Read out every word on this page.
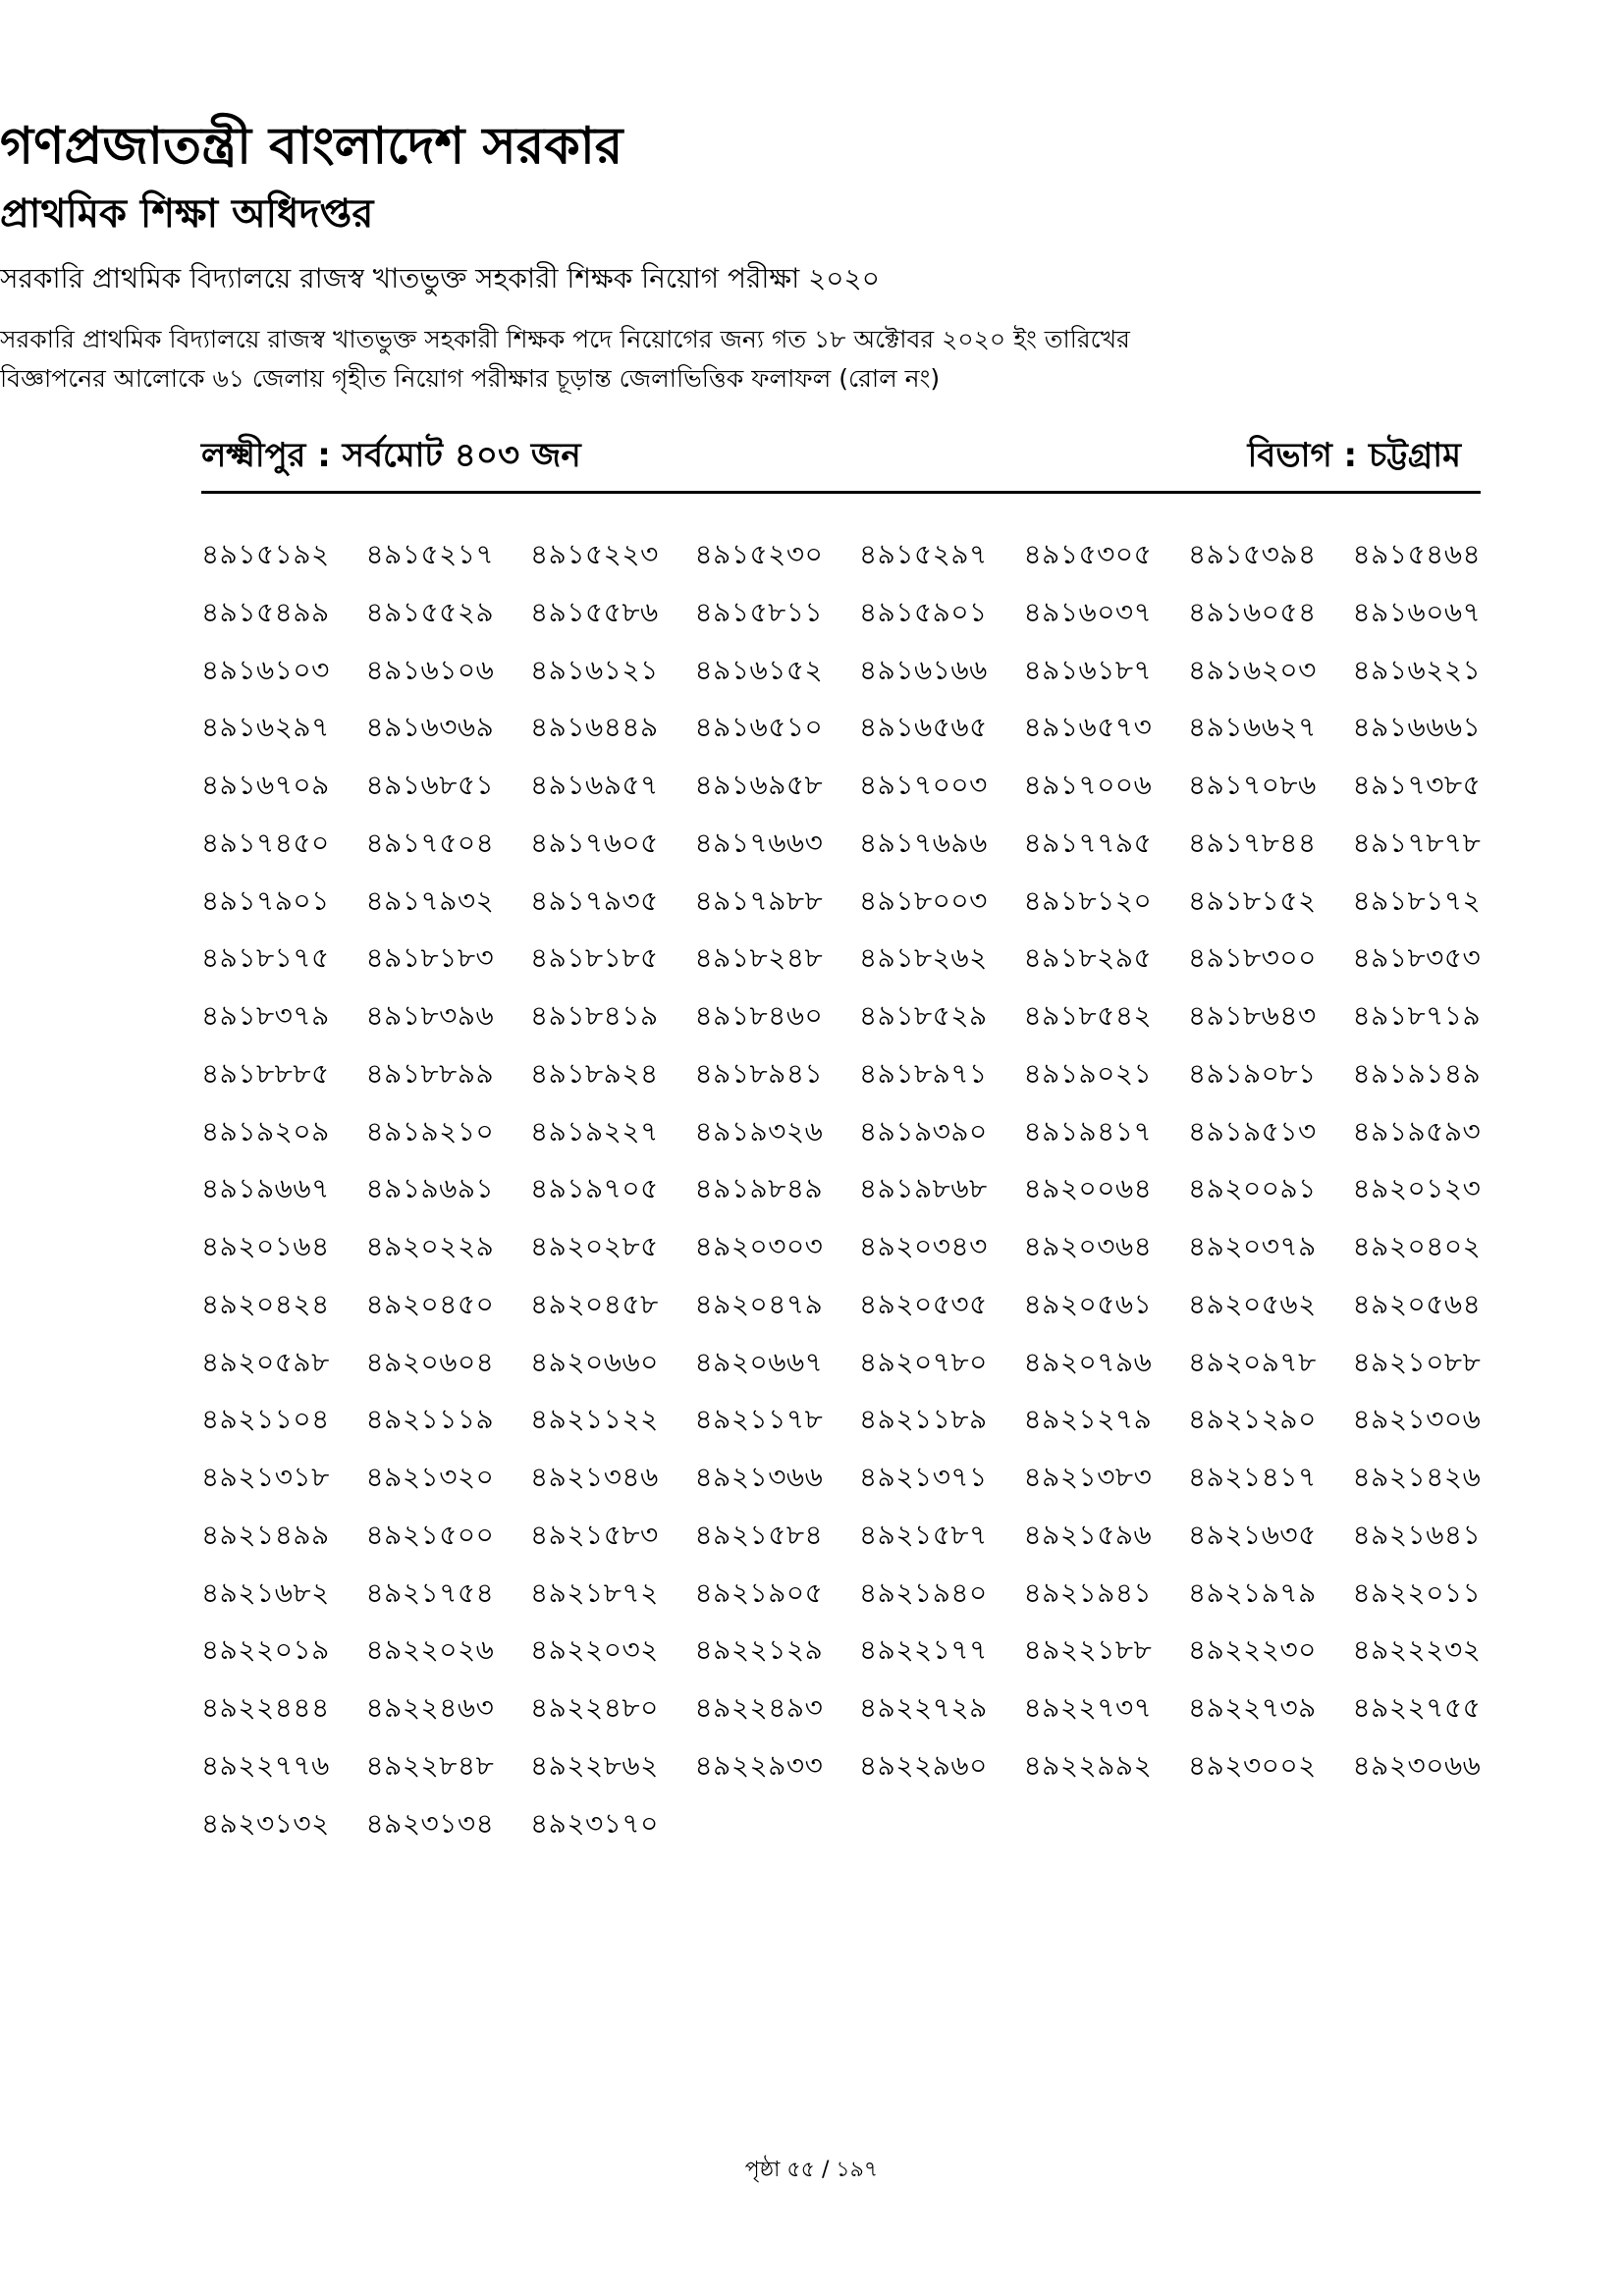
গণপ্রজাতন্ত্রী বাংলাদেশ সরকার
প্রাথমিক শিক্ষা অধিদপ্তর
সরকারি প্রাথমিক বিদ্যালয়ে রাজস্ব খাতভুক্ত সহকারী শিক্ষক নিয়োগ পরীক্ষা ২০২০
সরকারি প্রাথমিক বিদ্যালয়ে রাজস্ব খাতভুক্ত সহকারী শিক্ষক পদে নিয়োগের জন্য গত ১৮ অক্টোবর ২০২০ ইং তারিখের
বিজ্ঞাপনের আলোকে ৬১ জেলায় গৃহীত নিয়োগ পরীক্ষার চূড়ান্ত জেলাভিত্তিক ফলাফল (রোল নং)
লক্ষ্মীপুর : সর্বমোট ৪০৩ জন	বিভাগ : চট্টগ্রাম
৪৯১৫১৯২	৪৯১৫২১৭	৪৯১৫২২৩	৪৯১৫২৩০	৪৯১৫২৯৭	৪৯১৫৩০৫	৪৯১৫৩৯৪	৪৯১৫৪৬৪
৪৯১৫৪৯৯	৪৯১৫৫২৯	৪৯১৫৫৮৬	৪৯১৫৮১১	৪৯১৫৯০১	৪৯১৬০৩৭	৪৯১৬০৫৪	৪৯১৬০৬৭
৪৯১৬১০৩	৪৯১৬১০৬	৪৯১৬১২১	৪৯১৬১৫২	৪৯১৬১৬৬	৪৯১৬১৮৭	৪৯১৬২০৩	৪৯১৬২২১
৪৯১৬২৯৭	৪৯১৬৩৬৯	৪৯১৬৪৪৯	৪৯১৬৫১০	৪৯১৬৫৬৫	৪৯১৬৫৭৩	৪৯১৬৬২৭	৪৯১৬৬৬১
৪৯১৬৭০৯	৪৯১৬৮৫১	৪৯১৬৯৫৭	৪৯১৬৯৫৮	৪৯১৭০০৩	৪৯১৭০০৬	৪৯১৭০৮৬	৪৯১৭৩৮৫
৪৯১৭৪৫০	৪৯১৭৫০৪	৪৯১৭৬০৫	৪৯১৭৬৬৩	৪৯১৭৬৯৬	৪৯১৭৭৯৫	৪৯১৭৮৪৪	৪৯১৭৮৭৮
৪৯১৭৯০১	৪৯১৭৯৩২	৪৯১৭৯৩৫	৪৯১৭৯৮৮	৪৯১৮০০৩	৪৯১৮১২০	৪৯১৮১৫২	৪৯১৮১৭২
৪৯১৮১৭৫	৪৯১৮১৮৩	৪৯১৮১৮৫	৪৯১৮২৪৮	৪৯১৮২৬২	৪৯১৮২৯৫	৪৯১৮৩০০	৪৯১৮৩৫৩
৪৯১৮৩৭৯	৪৯১৮৩৯৬	৪৯১৮৪১৯	৪৯১৮৪৬০	৪৯১৮৫২৯	৪৯১৮৫৪২	৪৯১৮৬৪৩	৪৯১৮৭১৯
৪৯১৮৮৮৫	৪৯১৮৮৯৯	৪৯১৮৯২৪	৪৯১৮৯৪১	৪৯১৮৯৭১	৪৯১৯০২১	৪৯১৯০৮১	৪৯১৯১৪৯
৪৯১৯২০৯	৪৯১৯২১০	৪৯১৯২২৭	৪৯১৯৩২৬	৪৯১৯৩৯০	৪৯১৯৪১৭	৪৯১৯৫১৩	৪৯১৯৫৯৩
৪৯১৯৬৬৭	৪৯১৯৬৯১	৪৯১৯৭০৫	৪৯১৯৮৪৯	৪৯১৯৮৬৮	৪৯২০০৬৪	৪৯২০০৯১	৪৯২০১২৩
৪৯২০১৬৪	৪৯২০২২৯	৪৯২০২৮৫	৪৯২০৩০৩	৪৯২০৩৪৩	৪৯২০৩৬৪	৪৯২০৩৭৯	৪৯২০৪০২
৪৯২০৪২৪	৪৯২০৪৫০	৪৯২০৪৫৮	৪৯২০৪৭৯	৪৯২০৫৩৫	৪৯২০৫৬১	৪৯২০৫৬২	৪৯২০৫৬৪
৪৯২০৫৯৮	৪৯২০৬০৪	৪৯২০৬৬০	৪৯২০৬৬৭	৪৯২০৭৮০	৪৯২০৭৯৬	৪৯২০৯৭৮	৪৯২১০৮৮
৪৯২১১০৪	৪৯২১১১৯	৪৯২১১২২	৪৯২১১৭৮	৪৯২১১৮৯	৪৯২১২৭৯	৪৯২১২৯০	৪৯২১৩০৬
৪৯২১৩১৮	৪৯২১৩২০	৪৯২১৩৪৬	৪৯২১৩৬৬	৪৯২১৩৭১	৪৯২১৩৮৩	৪৯২১৪১৭	৪৯২১৪২৬
৪৯২১৪৯৯	৪৯২১৫০০	৪৯২১৫৮৩	৪৯২১৫৮৪	৪৯২১৫৮৭	৪৯২১৫৯৬	৪৯২১৬৩৫	৪৯২১৬৪১
৪৯২১৬৮২	৪৯২১৭৫৪	৪৯২১৮৭২	৪৯২১৯০৫	৪৯২১৯৪০	৪৯২১৯৪১	৪৯২১৯৭৯	৪৯২২০১১
৪৯২২০১৯	৪৯২২০২৬	৪৯২২০৩২	৪৯২২১২৯	৪৯২২১৭৭	৪৯২২১৮৮	৪৯২২২৩০	৪৯২২২৩২
৪৯২২৪৪৪	৪৯২২৪৬৩	৪৯২২৪৮০	৪৯২২৪৯৩	৪৯২২৭২৯	৪৯২২৭৩৭	৪৯২২৭৩৯	৪৯২২৭৫৫
৪৯২২৭৭৬	৪৯২২৮৪৮	৪৯২২৮৬২	৪৯২২৯৩৩	৪৯২২৯৬০	৪৯২২৯৯২	৪৯২৩০০২	৪৯২৩০৬৬
৪৯২৩১৩২	৪৯২৩১৩৪	৪৯২৩১৭০
পৃষ্ঠা ৫৫ / ১৯৭
